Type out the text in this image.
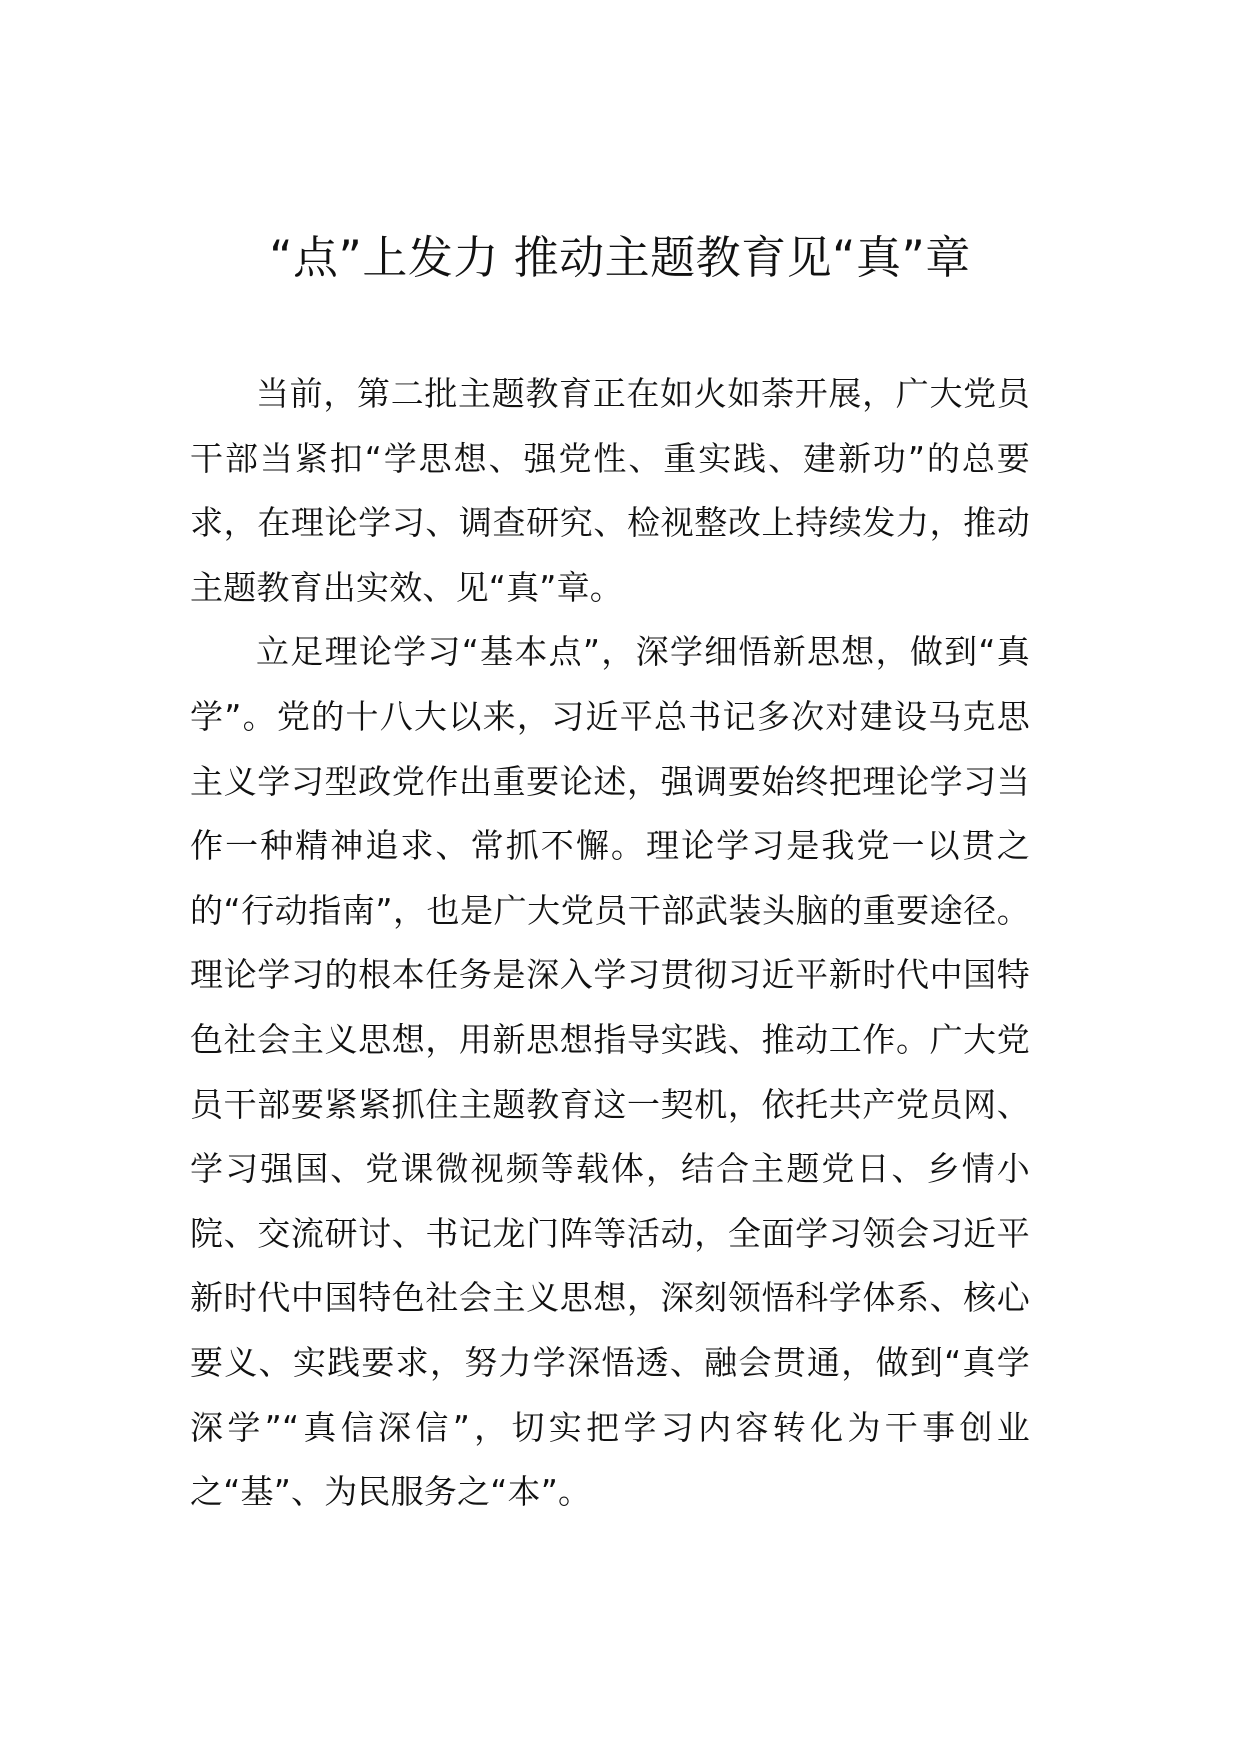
“点”上发力 推动主题教育见“真”章

当前，第二批主题教育正在如火如荼开展，广大党员干部当紧扣“学思想、强党性、重实践、建新功”的总要求，在理论学习、调查研究、检视整改上持续发力，推动主题教育出实效、见“真”章。

立足理论学习“基本点”，深学细悟新思想，做到“真学”。党的十八大以来，习近平总书记多次对建设马克思主义学习型政党作出重要论述，强调要始终把理论学习当作一种精神追求、常抓不懈。理论学习是我党一以贯之的“行动指南”，也是广大党员干部武装头脑的重要途径。理论学习的根本任务是深入学习贯彻习近平新时代中国特色社会主义思想，用新思想指导实践、推动工作。广大党员干部要紧紧抓住主题教育这一契机，依托共产党员网、学习强国、党课微视频等载体，结合主题党日、乡情小院、交流研讨、书记龙门阵等活动，全面学习领会习近平新时代中国特色社会主义思想，深刻领悟科学体系、核心要义、实践要求，努力学深悟透、融会贯通，做到“真学深学”“真信深信”，切实把学习内容转化为干事创业之“基”、为民服务之“本”。
